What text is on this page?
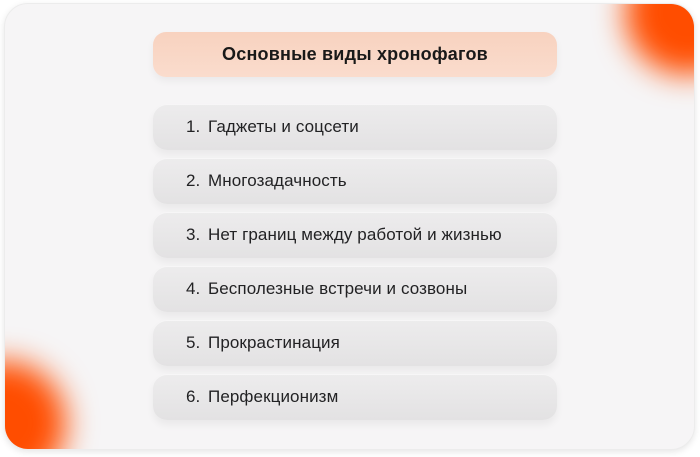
Основные виды хронофагов
1. Гаджеты и соцсети
2. Многозадачность
3. Нет границ между работой и жизнью
4. Бесполезные встречи и созвоны
5. Прокрастинация
6. Перфекционизм
